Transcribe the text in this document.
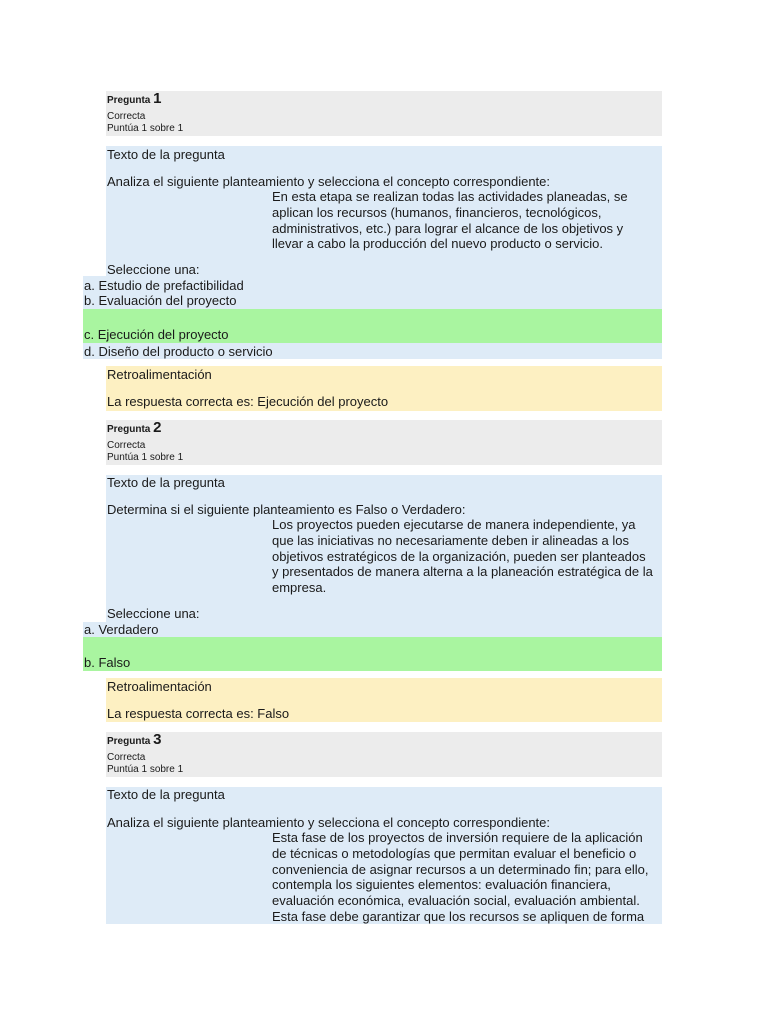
Pregunta 1
Correcta
Puntúa 1 sobre 1
Texto de la pregunta
Analiza el siguiente planteamiento y selecciona el concepto correspondiente:
En esta etapa se realizan todas las actividades planeadas, se
aplican los recursos (humanos, financieros, tecnológicos,
administrativos, etc.) para lograr el alcance de los objetivos y
llevar a cabo la producción del nuevo producto o servicio.
Seleccione una:
a. Estudio de prefactibilidad
b. Evaluación del proyecto
c. Ejecución del proyecto
d. Diseño del producto o servicio
Retroalimentación
La respuesta correcta es: Ejecución del proyecto
Pregunta 2
Correcta
Puntúa 1 sobre 1
Texto de la pregunta
Determina si el siguiente planteamiento es Falso o Verdadero:
Los proyectos pueden ejecutarse de manera independiente, ya
que las iniciativas no necesariamente deben ir alineadas a los
objetivos estratégicos de la organización, pueden ser planteados
y presentados de manera alterna a la planeación estratégica de la
empresa.
Seleccione una:
a. Verdadero
b. Falso
Retroalimentación
La respuesta correcta es: Falso
Pregunta 3
Correcta
Puntúa 1 sobre 1
Texto de la pregunta
Analiza el siguiente planteamiento y selecciona el concepto correspondiente:
Esta fase de los proyectos de inversión requiere de la aplicación
de técnicas o metodologías que permitan evaluar el beneficio o
conveniencia de asignar recursos a un determinado fin; para ello,
contempla los siguientes elementos: evaluación financiera,
evaluación económica, evaluación social, evaluación ambiental.
Esta fase debe garantizar que los recursos se apliquen de forma
